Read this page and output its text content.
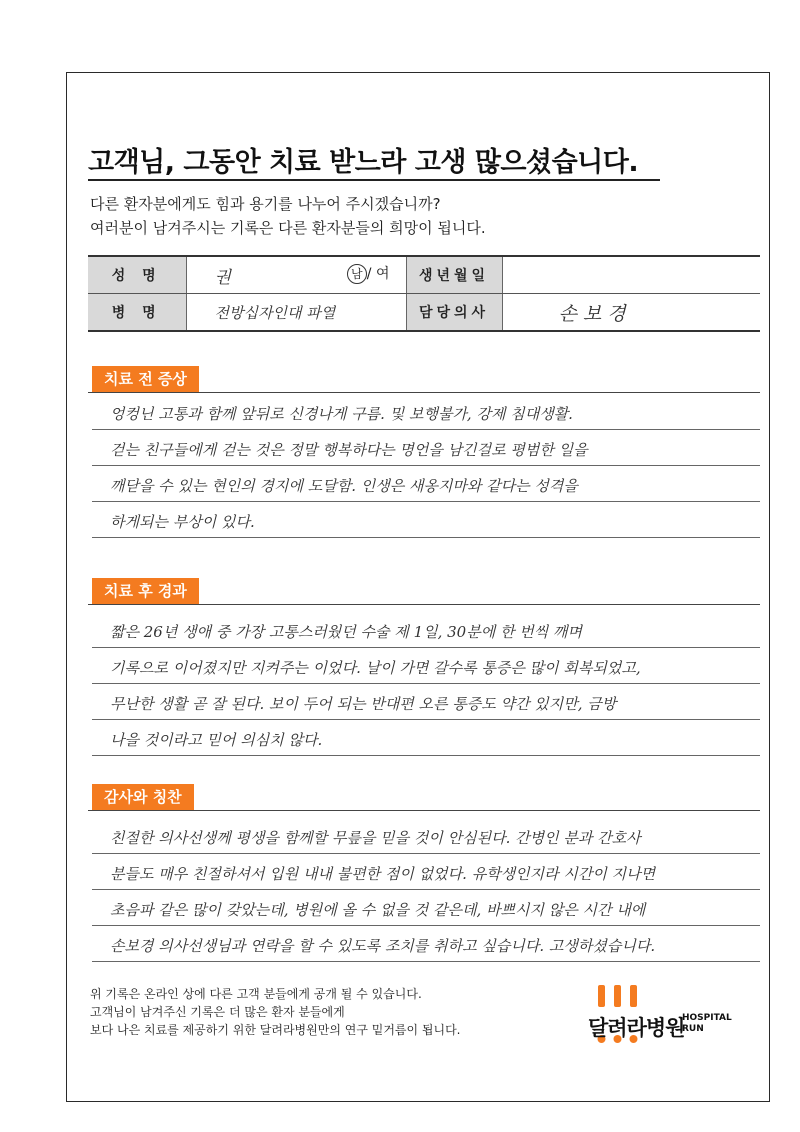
고객님, 그동안 치료 받느라 고생 많으셨습니다.
다른 환자분에게도 힘과 용기를 나누어 주시겠습니까?
여러분이 남겨주시는 기록은 다른 환자분들의 희망이 됩니다.
성 명	권 남 / 여	생년월일	
병 명	전방십자인대 파열	담당의사	손보경
치료 전 증상
엉컹닌 고통과 함께 앞뒤로 신경나게 구름. 및 보행불가, 강제 침대생활.
걷는 친구들에게 걷는 것은 정말 행복하다는 명언을 남긴걸로 평범한 일을
깨닫을 수 있는 현인의 경지에 도달함. 인생은 새옹지마와 같다는 성격을
하게되는 부상이 있다.
치료 후 경과
짧은 26년 생애 중 가장 고통스러웠던 수술 제 1일, 30분에 한 번씩 깨며
기록으로 이어졌지만 지켜주는 이었다. 날이 가면 갈수록 통증은 많이 회복되었고,
무난한 생활 곧 잘 된다. 보이 두어 되는 반대편 오른 통증도 약간 있지만, 금방
나을 것이라고 믿어 의심치 않다.
감사와 칭찬
친절한 의사선생께 평생을 함께할 무릎을 믿을 것이 안심된다. 간병인 분과 간호사
분들도 매우 친절하셔서 입원 내내 불편한 점이 없었다. 유학생인지라 시간이 지나면
초음파 같은 많이 갖았는데, 병원에 올 수 없을 것 같은데, 바쁘시지 않은 시간 내에
손보경 의사선생님과 연락을 할 수 있도록 조치를 취하고 싶습니다. 고생하셨습니다.
위 기록은 온라인 상에 다른 고객 분들에게 공개 될 수 있습니다.
고객님이 남겨주신 기록은 더 많은 환자 분들에게
보다 나은 치료를 제공하기 위한 달려라병원만의 연구 밑거름이 됩니다.	달려라병원
HOSPITAL
RUN
